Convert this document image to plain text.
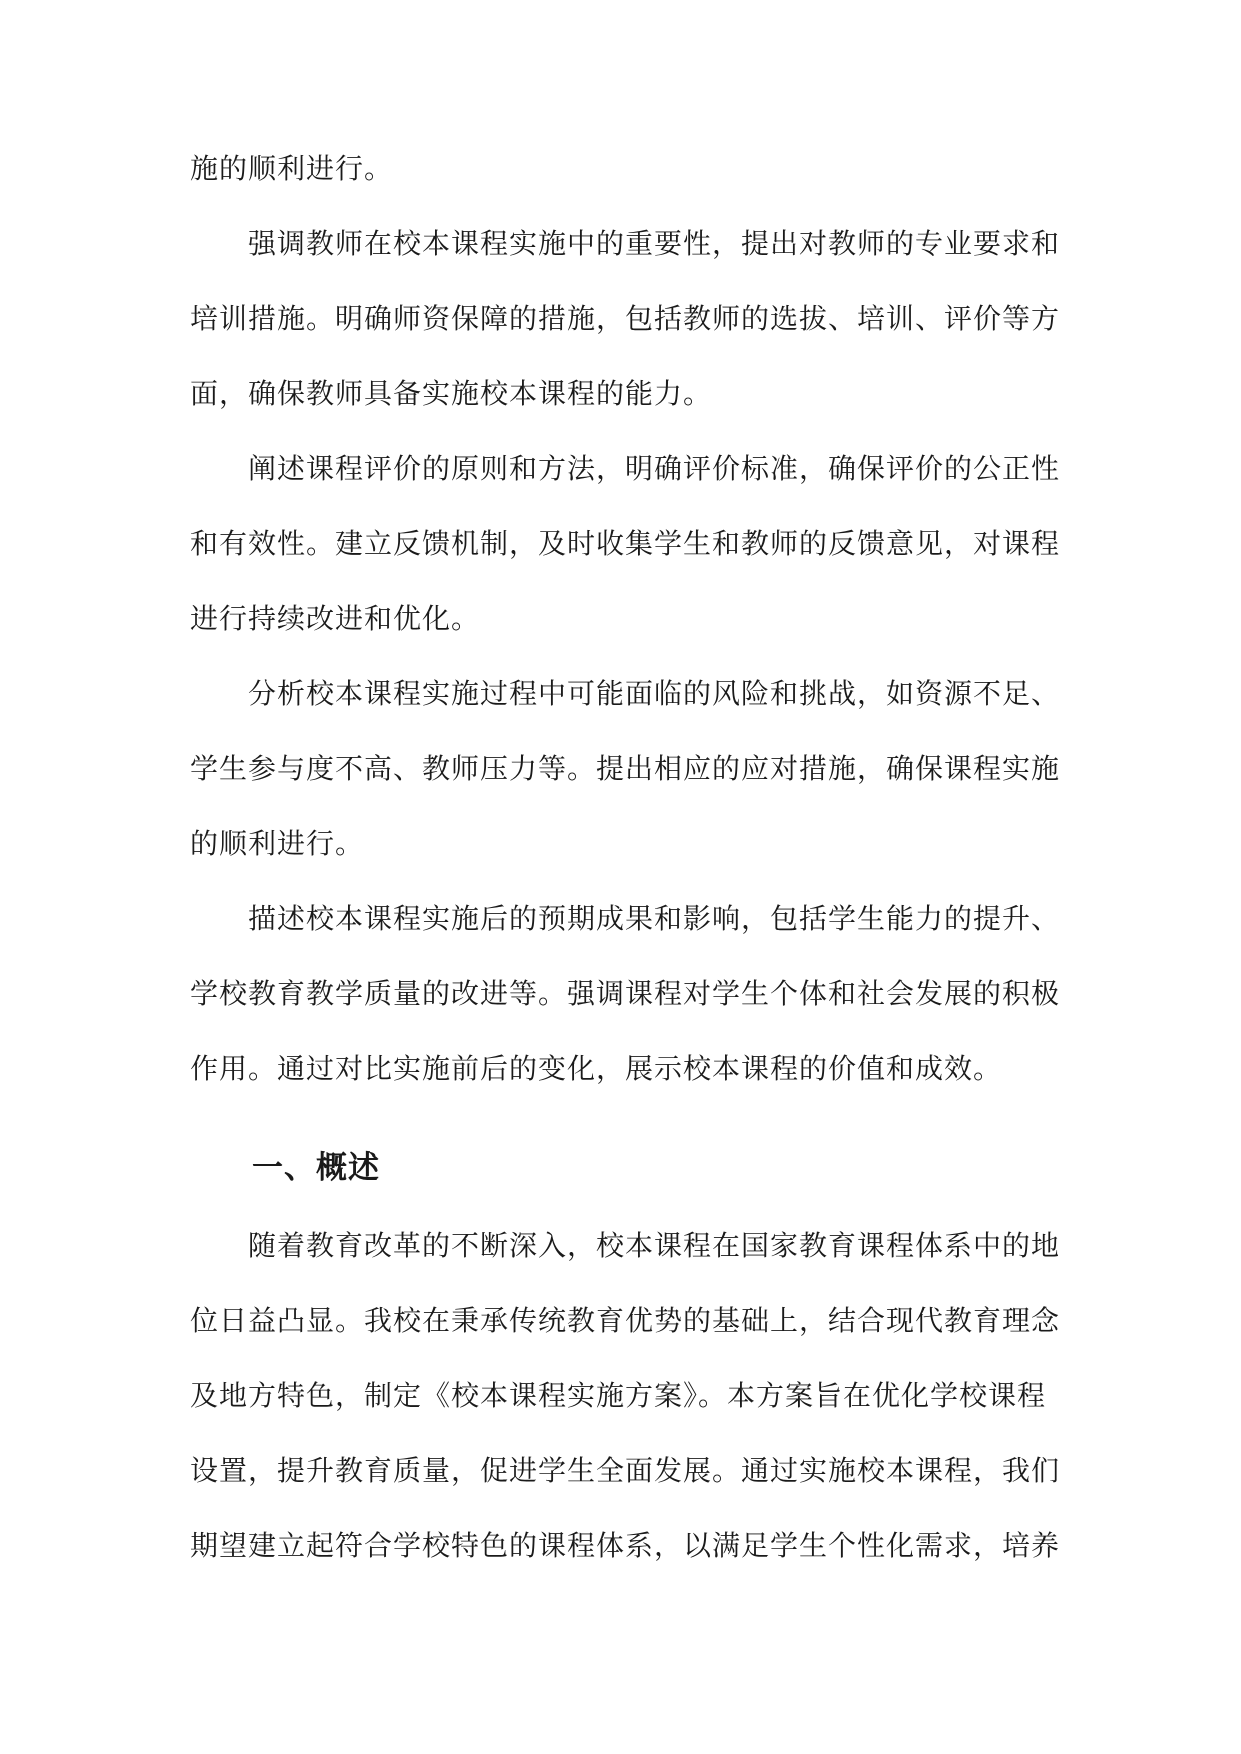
施的顺利进行。
强调教师在校本课程实施中的重要性，提出对教师的专业要求和
培训措施。明确师资保障的措施，包括教师的选拔、培训、评价等方
面，确保教师具备实施校本课程的能力。
阐述课程评价的原则和方法，明确评价标准，确保评价的公正性
和有效性。建立反馈机制，及时收集学生和教师的反馈意见，对课程
进行持续改进和优化。
分析校本课程实施过程中可能面临的风险和挑战，如资源不足、
学生参与度不高、教师压力等。提出相应的应对措施，确保课程实施
的顺利进行。
描述校本课程实施后的预期成果和影响，包括学生能力的提升、
学校教育教学质量的改进等。强调课程对学生个体和社会发展的积极
作用。通过对比实施前后的变化，展示校本课程的价值和成效。
一、概述
随着教育改革的不断深入，校本课程在国家教育课程体系中的地
位日益凸显。我校在秉承传统教育优势的基础上，结合现代教育理念
及地方特色，制定《校本课程实施方案》。本方案旨在优化学校课程
设置，提升教育质量，促进学生全面发展。通过实施校本课程，我们
期望建立起符合学校特色的课程体系，以满足学生个性化需求，培养
